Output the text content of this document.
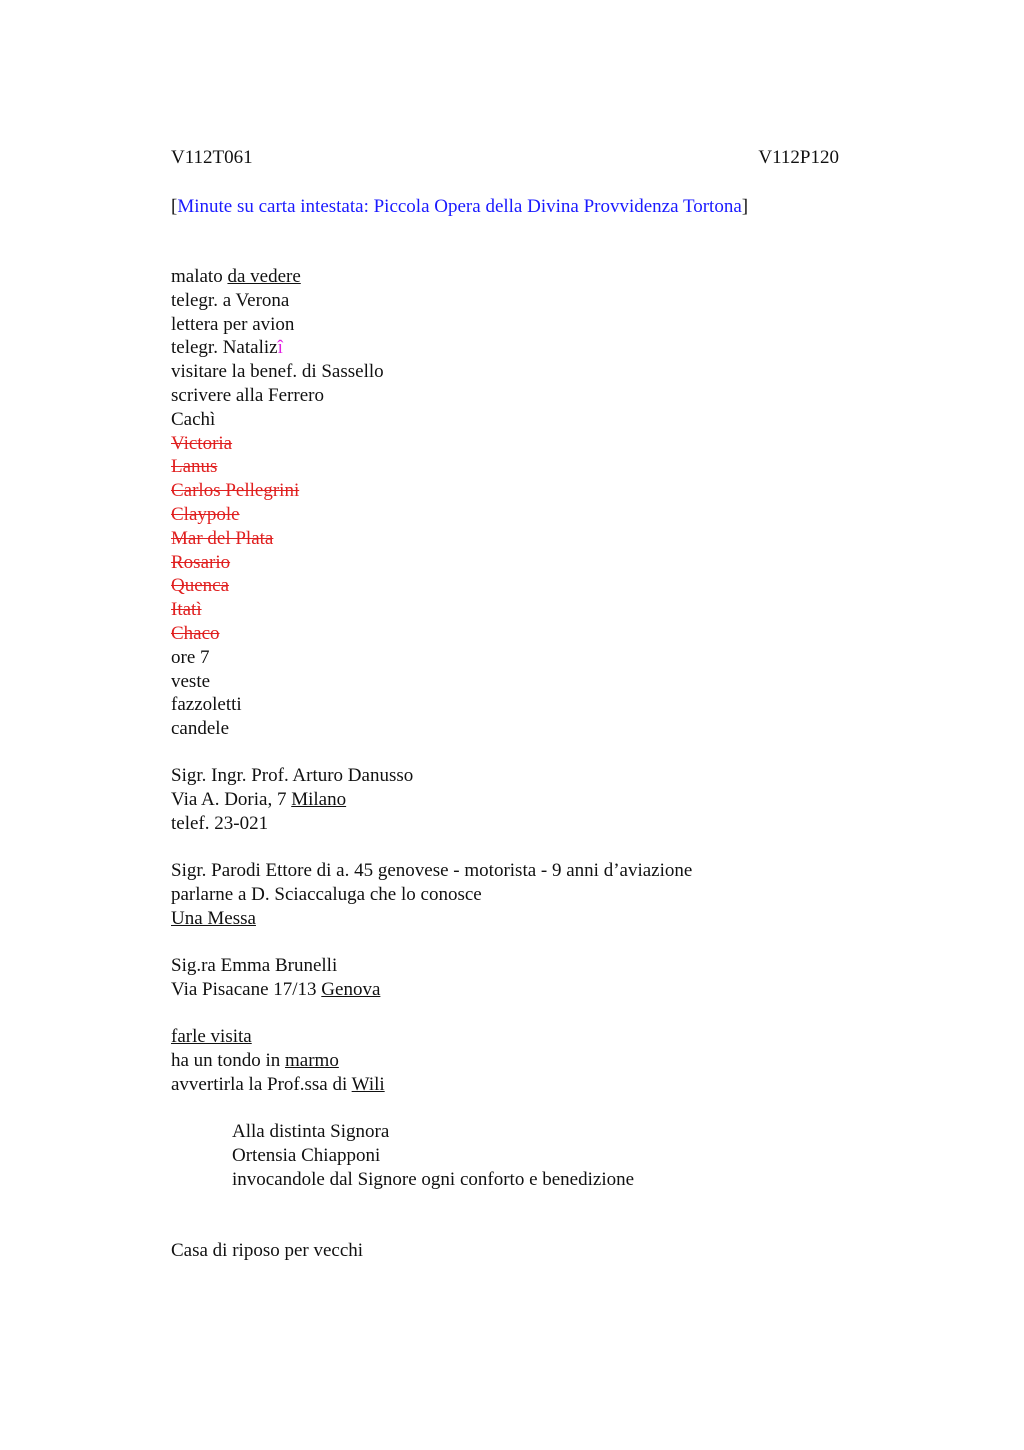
V112T061	V112P120
[Minute su carta intestata: Piccola Opera della Divina Provvidenza Tortona]
malato da vedere
telegr. a Verona
lettera per avion
telegr. Natalizî
visitare la benef. di Sassello
scrivere alla Ferrero
Cachì
Victoria
Lanus
Carlos Pellegrini
Claypole
Mar del Plata
Rosario
Quenca
Itatì
Chaco
ore 7
veste
fazzoletti
candele
Sigr. Ingr. Prof. Arturo Danusso
Via A. Doria, 7 Milano
telef. 23-021
Sigr. Parodi Ettore di a. 45 genovese - motorista - 9 anni d’aviazione
parlarne a D. Sciaccaluga che lo conosce
Una Messa
Sig.ra Emma Brunelli
Via Pisacane 17/13 Genova
farle visita
ha un tondo in marmo
avvertirla la Prof.ssa di Wili
Alla distinta Signora
Ortensia Chiapponi
invocandole dal Signore ogni conforto e benedizione
Casa di riposo per vecchi
